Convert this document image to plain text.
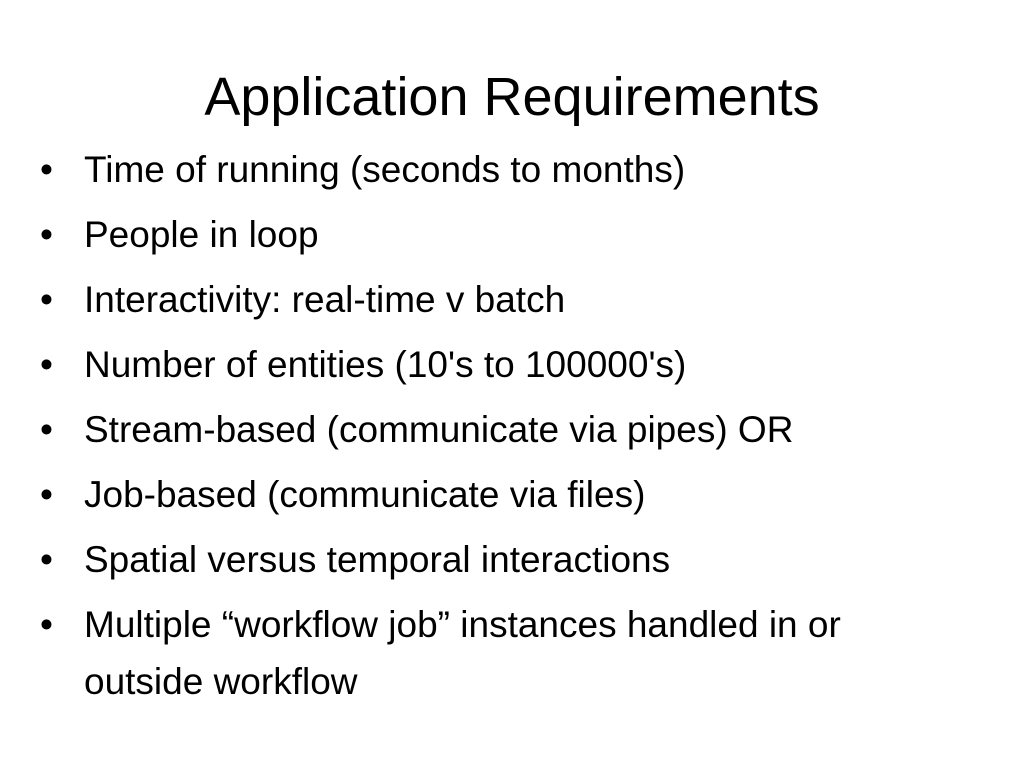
Application Requirements
• Time of running (seconds to months)
• People in loop
• Interactivity: real-time v batch
• Number of entities (10's to 100000's)
• Stream-based (communicate via pipes) OR
• Job-based (communicate via files)
• Spatial versus temporal interactions
• Multiple “workflow job” instances handled in or
outside workflow
